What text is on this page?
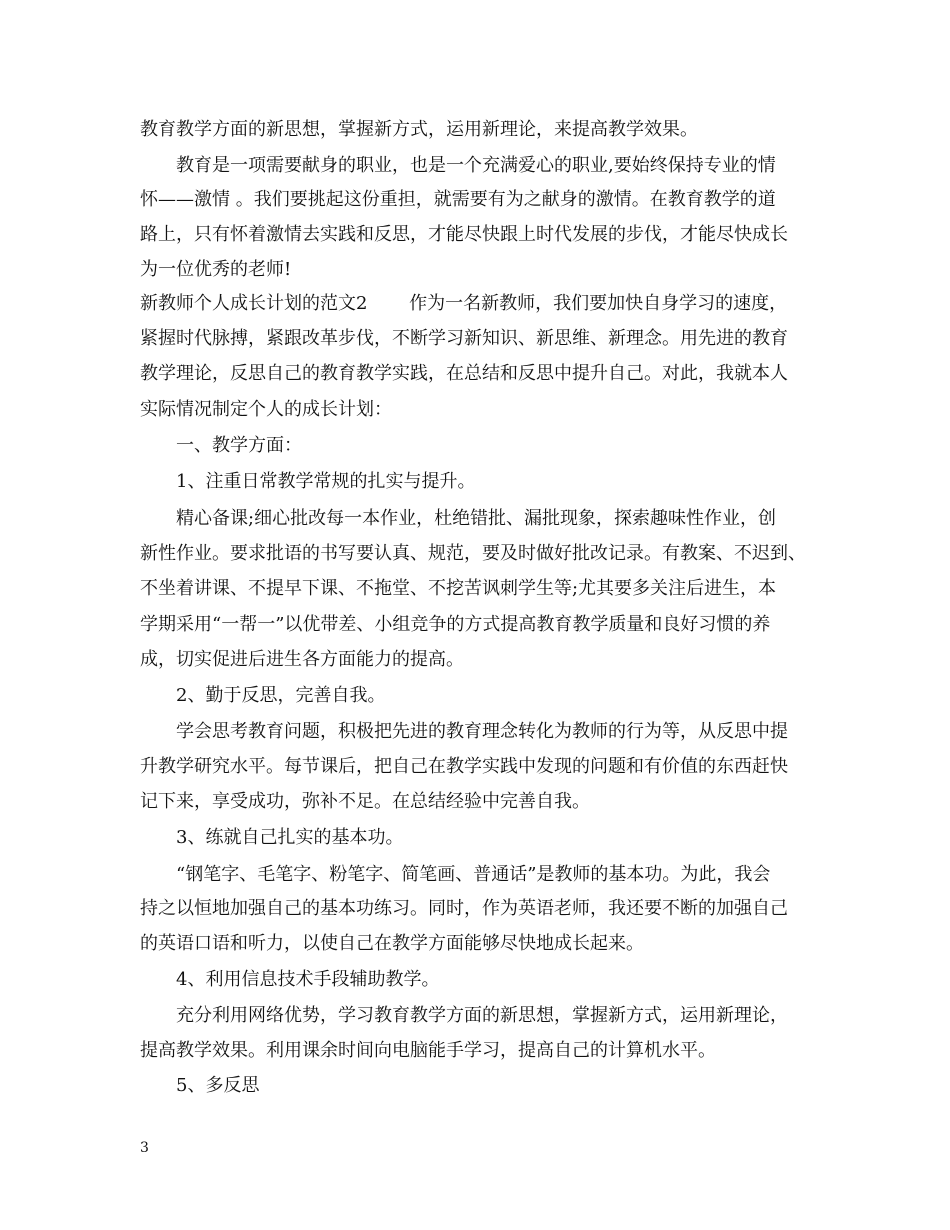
教育教学方面的新思想，掌握新方式，运用新理论，来提高教学效果。
　　教育是一项需要献身的职业，也是一个充满爱心的职业,要始终保持专业的情
怀——激情 。我们要挑起这份重担，就需要有为之献身的激情。在教育教学的道
路上，只有怀着激情去实践和反思，才能尽快跟上时代发展的步伐，才能尽快成长
为一位优秀的老师!
新教师个人成长计划的范文2　　 作为一名新教师，我们要加快自身学习的速度，
紧握时代脉搏，紧跟改革步伐，不断学习新知识、新思维、新理念。用先进的教育
教学理论，反思自己的教育教学实践，在总结和反思中提升自己。对此，我就本人
实际情况制定个人的成长计划：
　　一、教学方面：
　　1、注重日常教学常规的扎实与提升。
　　精心备课;细心批改每一本作业，杜绝错批、漏批现象，探索趣味性作业，创
新性作业。要求批语的书写要认真、规范，要及时做好批改记录。有教案、不迟到、
不坐着讲课、不提早下课、不拖堂、不挖苦讽刺学生等;尤其要多关注后进生，本
学期采用“一帮一”以优带差、小组竞争的方式提高教育教学质量和良好习惯的养
成，切实促进后进生各方面能力的提高。
　　2、勤于反思，完善自我。
　　学会思考教育问题，积极把先进的教育理念转化为教师的行为等，从反思中提
升教学研究水平。每节课后，把自己在教学实践中发现的问题和有价值的东西赶快
记下来，享受成功，弥补不足。在总结经验中完善自我。
　　3、练就自己扎实的基本功。
　　“钢笔字、毛笔字、粉笔字、简笔画、普通话”是教师的基本功。为此，我会
持之以恒地加强自己的基本功练习。同时，作为英语老师，我还要不断的加强自己
的英语口语和听力，以使自己在教学方面能够尽快地成长起来。
　　4、利用信息技术手段辅助教学。
　　充分利用网络优势，学习教育教学方面的新思想，掌握新方式，运用新理论，
提高教学效果。利用课余时间向电脑能手学习，提高自己的计算机水平。
　　5、多反思
3
